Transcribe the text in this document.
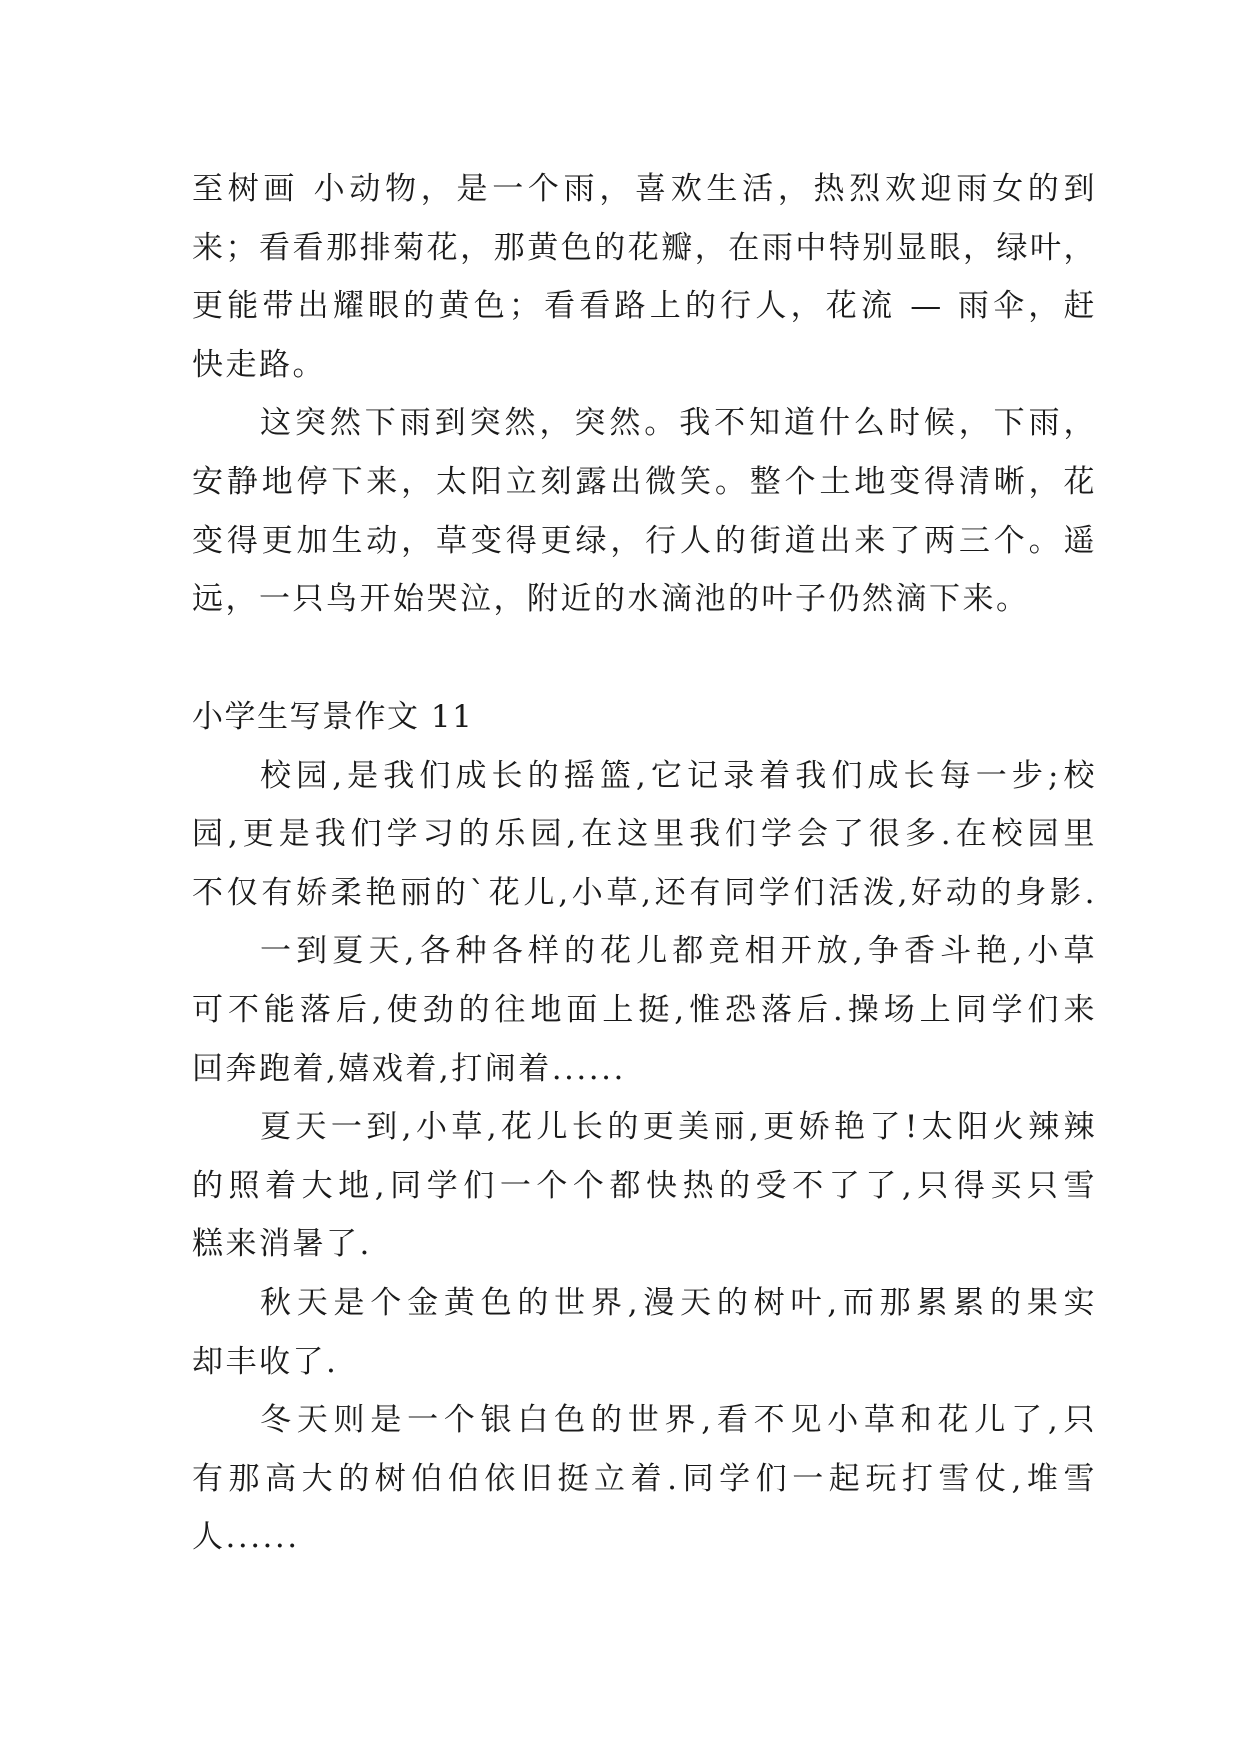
至树画 小动物，是一个雨，喜欢生活，热烈欢迎雨女的到
来；看看那排菊花，那黄色的花瓣，在雨中特别显眼，绿叶，
更能带出耀眼的黄色；看看路上的行人，花流 — 雨伞，赶
快走路。
这突然下雨到突然，突然。我不知道什么时候，下雨，
安静地停下来，太阳立刻露出微笑。整个土地变得清晰，花
变得更加生动，草变得更绿，行人的街道出来了两三个。遥
远，一只鸟开始哭泣，附近的水滴池的叶子仍然滴下来。
小学生写景作文 11
校园,是我们成长的摇篮,它记录着我们成长每一步;校
园,更是我们学习的乐园,在这里我们学会了很多.在校园里
不仅有娇柔艳丽的`花儿,小草,还有同学们活泼,好动的身影.
一到夏天,各种各样的花儿都竞相开放,争香斗艳,小草
可不能落后,使劲的往地面上挺,惟恐落后.操场上同学们来
回奔跑着,嬉戏着,打闹着......
夏天一到,小草,花儿长的更美丽,更娇艳了!太阳火辣辣
的照着大地,同学们一个个都快热的受不了了,只得买只雪
糕来消暑了.
秋天是个金黄色的世界,漫天的树叶,而那累累的果实
却丰收了.
冬天则是一个银白色的世界,看不见小草和花儿了,只
有那高大的树伯伯依旧挺立着.同学们一起玩打雪仗,堆雪
人......
